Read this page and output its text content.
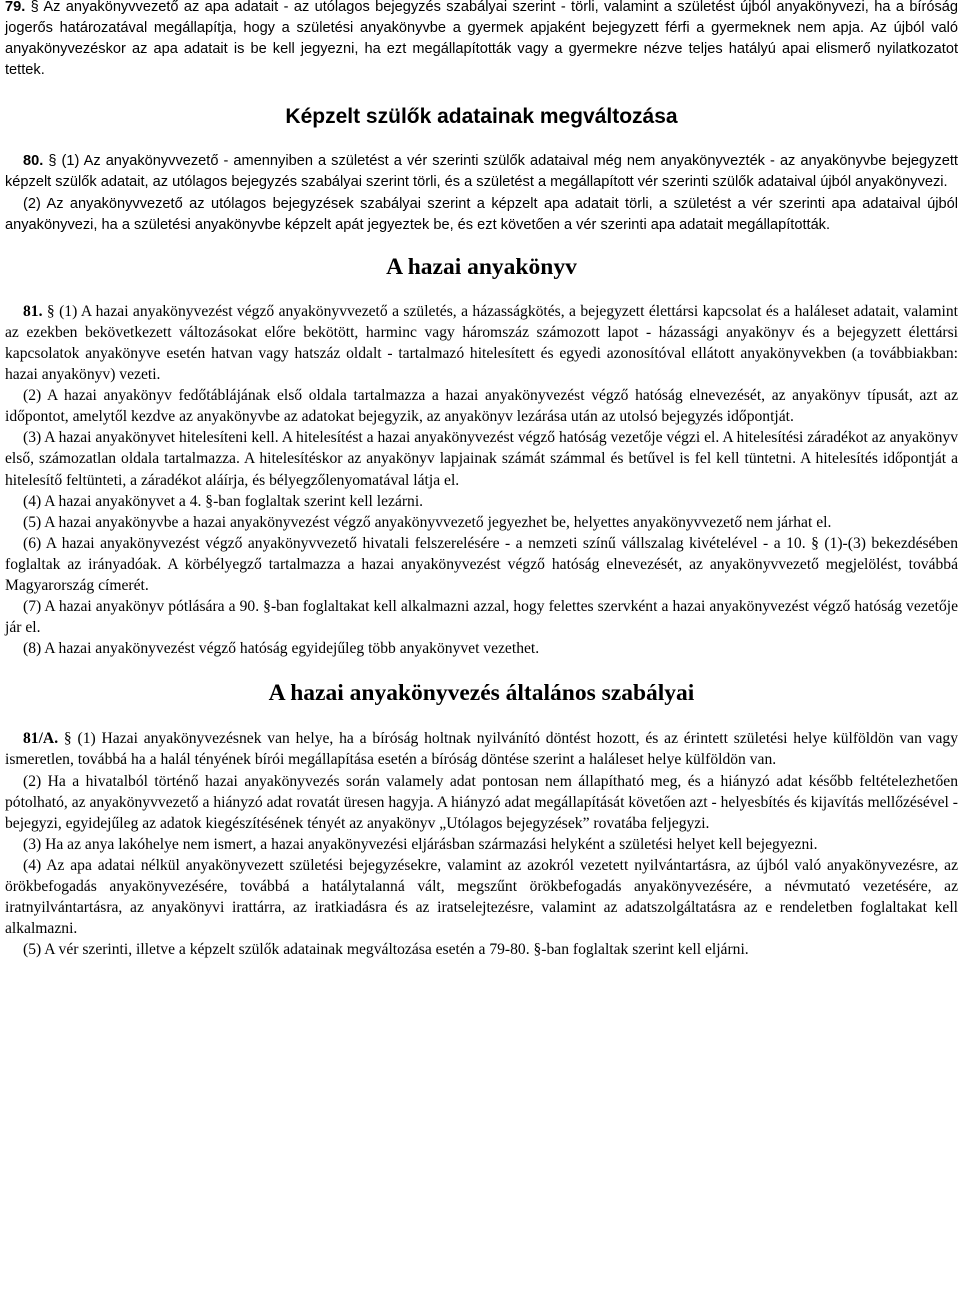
79. § Az anyakönyvvezető az apa adatait - az utólagos bejegyzés szabályai szerint - törli, valamint a születést újból anyakönyvezi, ha a bíróság jogerős határozatával megállapítja, hogy a születési anyakönyvbe a gyermek apjaként bejegyzett férfi a gyermeknek nem apja. Az újból való anyakönyvezéskor az apa adatait is be kell jegyezni, ha ezt megállapították vagy a gyermekre nézve teljes hatályú apai elismerő nyilatkozatot tettek.

Képzelt szülők adatainak megváltozása

80. § (1) Az anyakönyvvezető - amennyiben a születést a vér szerinti szülők adataival még nem anyakönyvezték - az anyakönyvbe bejegyzett képzelt szülők adatait, az utólagos bejegyzés szabályai szerint törli, és a születést a megállapított vér szerinti szülők adataival újból anyakönyvezi.

(2) Az anyakönyvvezető az utólagos bejegyzések szabályai szerint a képzelt apa adatait törli, a születést a vér szerinti apa adataival újból anyakönyvezi, ha a születési anyakönyvbe képzelt apát jegyeztek be, és ezt követően a vér szerinti apa adatait megállapították.

A hazai anyakönyv

81. § (1) A hazai anyakönyvezést végző anyakönyvvezető a születés, a házasságkötés, a bejegyzett élettársi kapcsolat és a haláleset adatait, valamint az ezekben bekövetkezett változásokat előre bekötött, harminc vagy háromszáz számozott lapot - házassági anyakönyv és a bejegyzett élettársi kapcsolatok anyakönyve esetén hatvan vagy hatszáz oldalt - tartalmazó hitelesített és egyedi azonosítóval ellátott anyakönyvekben (a továbbiakban: hazai anyakönyv) vezeti.

(2) A hazai anyakönyv fedőtáblájának első oldala tartalmazza a hazai anyakönyvezést végző hatóság elnevezését, az anyakönyv típusát, azt az időpontot, amelytől kezdve az anyakönyvbe az adatokat bejegyzik, az anyakönyv lezárása után az utolsó bejegyzés időpontját.

(3) A hazai anyakönyvet hitelesíteni kell. A hitelesítést a hazai anyakönyvezést végző hatóság vezetője végzi el. A hitelesítési záradékot az anyakönyv első, számozatlan oldala tartalmazza. A hitelesítéskor az anyakönyv lapjainak számát számmal és betűvel is fel kell tüntetni. A hitelesítés időpontját a hitelesítő feltünteti, a záradékot aláírja, és bélyegzőlenyomatával látja el.

(4) A hazai anyakönyvet a 4. §-ban foglaltak szerint kell lezárni.

(5) A hazai anyakönyvbe a hazai anyakönyvezést végző anyakönyvvezető jegyezhet be, helyettes anyakönyvvezető nem járhat el.

(6) A hazai anyakönyvezést végző anyakönyvvezető hivatali felszerelésére - a nemzeti színű vállszalag kivételével - a 10. § (1)-(3) bekezdésében foglaltak az irányadóak. A körbélyegző tartalmazza a hazai anyakönyvezést végző hatóság elnevezését, az anyakönyvvezető megjelölést, továbbá Magyarország címerét.

(7) A hazai anyakönyv pótlására a 90. §-ban foglaltakat kell alkalmazni azzal, hogy felettes szervként a hazai anyakönyvezést végző hatóság vezetője jár el.

(8) A hazai anyakönyvezést végző hatóság egyidejűleg több anyakönyvet vezethet.

A hazai anyakönyvezés általános szabályai

81/A. § (1) Hazai anyakönyvezésnek van helye, ha a bíróság holtnak nyilvánító döntést hozott, és az érintett születési helye külföldön van vagy ismeretlen, továbbá ha a halál tényének bírói megállapítása esetén a bíróság döntése szerint a haláleset helye külföldön van.

(2) Ha a hivatalból történő hazai anyakönyvezés során valamely adat pontosan nem állapítható meg, és a hiányzó adat később feltételezhetően pótolható, az anyakönyvvezető a hiányzó adat rovatát üresen hagyja. A hiányzó adat megállapítását követően azt - helyesbítés és kijavítás mellőzésével - bejegyzi, egyidejűleg az adatok kiegészítésének tényét az anyakönyv „Utólagos bejegyzések” rovatába feljegyzi.

(3) Ha az anya lakóhelye nem ismert, a hazai anyakönyvezési eljárásban származási helyként a születési helyet kell bejegyezni.

(4) Az apa adatai nélkül anyakönyvezett születési bejegyzésekre, valamint az azokról vezetett nyilvántartásra, az újból való anyakönyvezésre, az örökbefogadás anyakönyvezésére, továbbá a hatálytalanná vált, megszűnt örökbefogadás anyakönyvezésére, a névmutató vezetésére, az iratnyilvántartásra, az anyakönyvi irattárra, az iratkiadásra és az iratselejtezésre, valamint az adatszolgáltatásra az e rendeletben foglaltakat kell alkalmazni.

(5) A vér szerinti, illetve a képzelt szülők adatainak megváltozása esetén a 79-80. §-ban foglaltak szerint kell eljárni.
